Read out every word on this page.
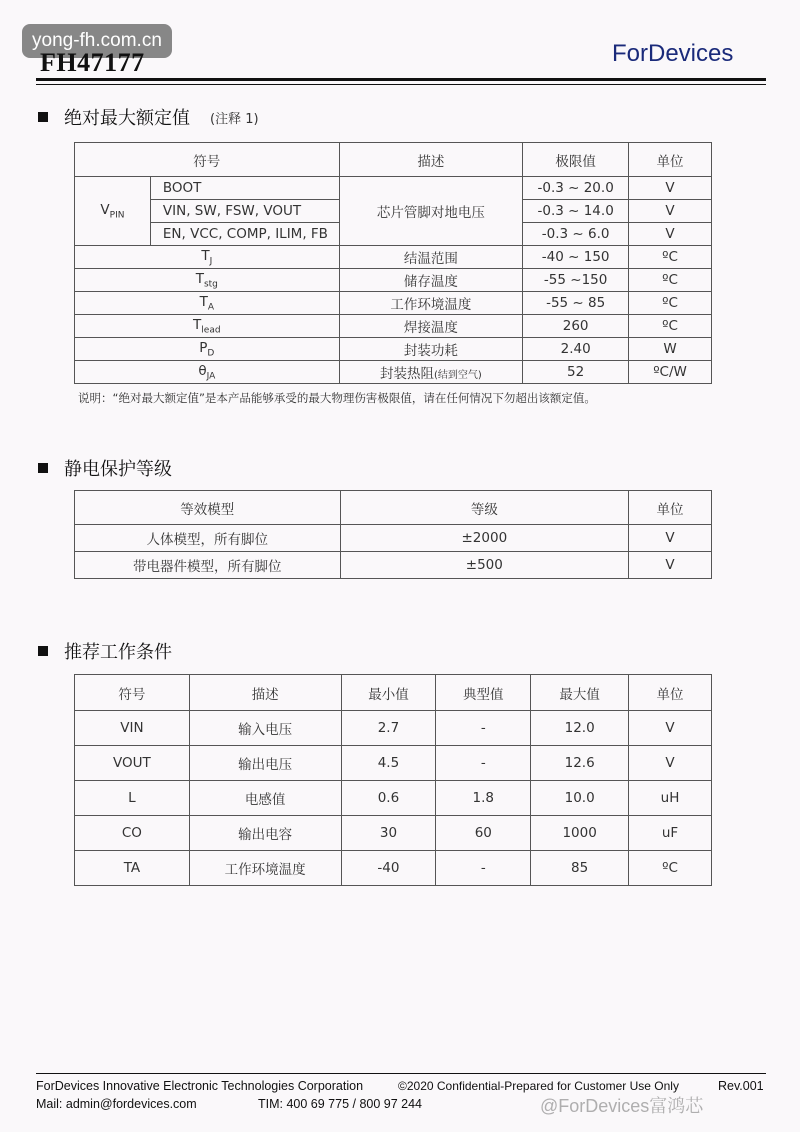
yong-fh.com.cn
FH47177	ForDevices
绝对最大额定值 (注释 1)
符号		描述	极限值	单位
$V_{PIN}$	BOOT	芯片管脚对地电压	-0.3 ~ 20.0	V
	VIN, SW, FSW, VOUT		-0.3 ~ 14.0	V
	EN, VCC, COMP, ILIM, FB		-0.3 ~ 6.0	V
$T_J$		结温范围	-40 ~ 150	ºC
$T_{stg}$		储存温度	-55 ~150	ºC
$T_A$		工作环境温度	-55 ~ 85	ºC
$T_{lead}$		焊接温度	260	ºC
$P_D$		封装功耗	2.40	W
$\theta_{JA}$		封装热阻(结到空气)	52	ºC/W
说明：“绝对最大额定值”是本产品能够承受的最大物理伤害极限值，请在任何情况下勿超出该额定值。
静电保护等级
等效模型	等级	单位
人体模型，所有脚位	±2000	V
带电器件模型，所有脚位	±500	V
推荐工作条件
符号	描述	最小值	典型值	最大值	单位
VIN	输入电压	2.7	-	12.0	V
VOUT	输出电压	4.5	-	12.6	V
L	电感值	0.6	1.8	10.0	uH
CO	输出电容	30	60	1000	uF
TA	工作环境温度	-40	-	85	ºC
ForDevices Innovative Electronic Technologies Corporation	©2020 Confidential-Prepared for Customer Use Only	Rev.001
Mail: admin@fordevices.com	TIM: 400 69 775 / 800 97 244	@ForDevices富鸿芯
